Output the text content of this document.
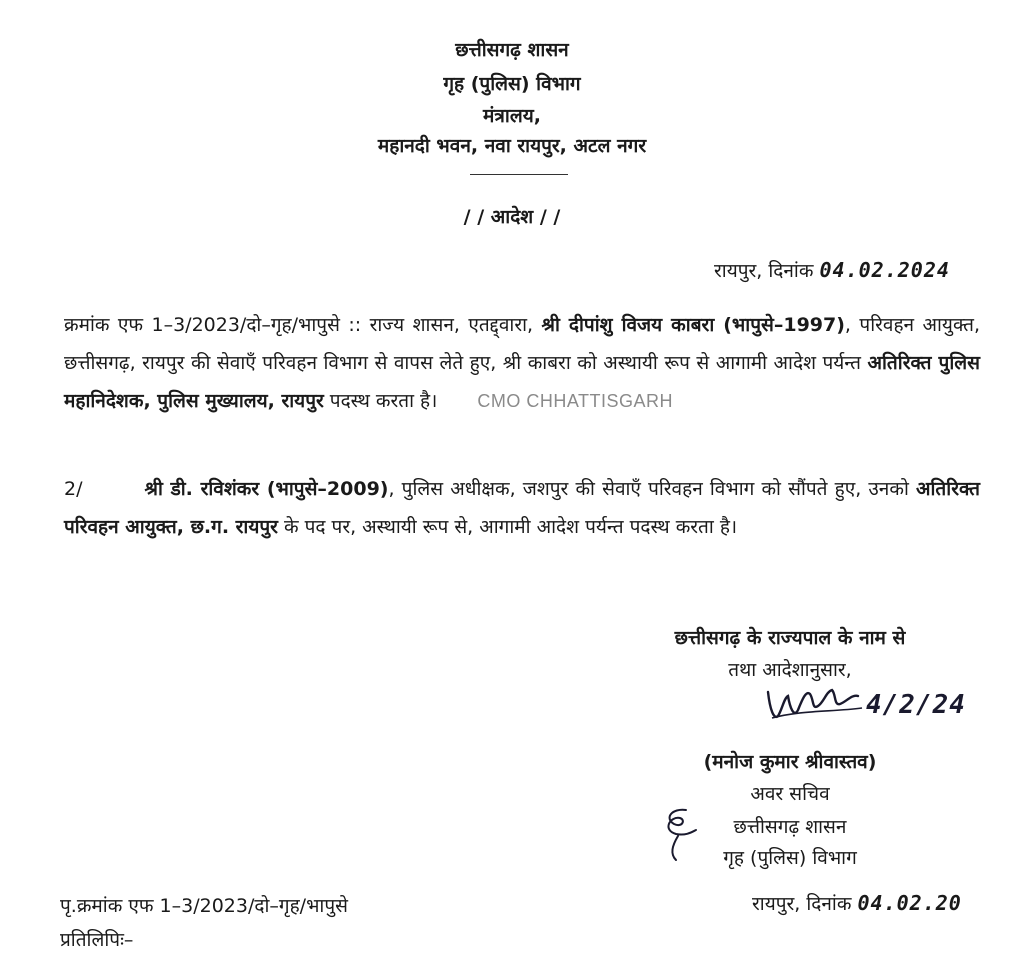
छत्तीसगढ़ शासन
गृह (पुलिस) विभाग
मंत्रालय,
महानदी भवन, नवा रायपुर, अटल नगर
/ / आदेश / /
रायपुर, दिनांक 04.02.2024
क्रमांक एफ 1–3/2023/दो–गृह/भापुसे :: राज्य शासन, एतद्द्वारा, श्री दीपांशु विजय काबरा (भापुसे–1997), परिवहन आयुक्त, छत्तीसगढ़, रायपुर की सेवाएँ परिवहन विभाग से वापस लेते हुए, श्री काबरा को अस्थायी रूप से आगामी आदेश पर्यन्त अतिरिक्त पुलिस महानिदेशक, पुलिस मुख्यालय, रायपुर पदस्थ करता है। CMO CHHATTISGARH
2/	श्री डी. रविशंकर (भापुसे–2009), पुलिस अधीक्षक, जशपुर की सेवाएँ परिवहन विभाग को सौंपते हुए, उनको अतिरिक्त परिवहन आयुक्त, छ.ग. रायपुर के पद पर, अस्थायी रूप से, आगामी आदेश पर्यन्त पदस्थ करता है।
छत्तीसगढ़ के राज्यपाल के नाम से
तथा आदेशानुसार,
4/2/24
(मनोज कुमार श्रीवास्तव)
अवर सचिव
छत्तीसगढ़ शासन
गृह (पुलिस) विभाग
पृ.क्रमांक एफ 1–3/2023/दो–गृह/भापुसे	रायपुर, दिनांक 04.02.20
प्रतिलिपिः–
